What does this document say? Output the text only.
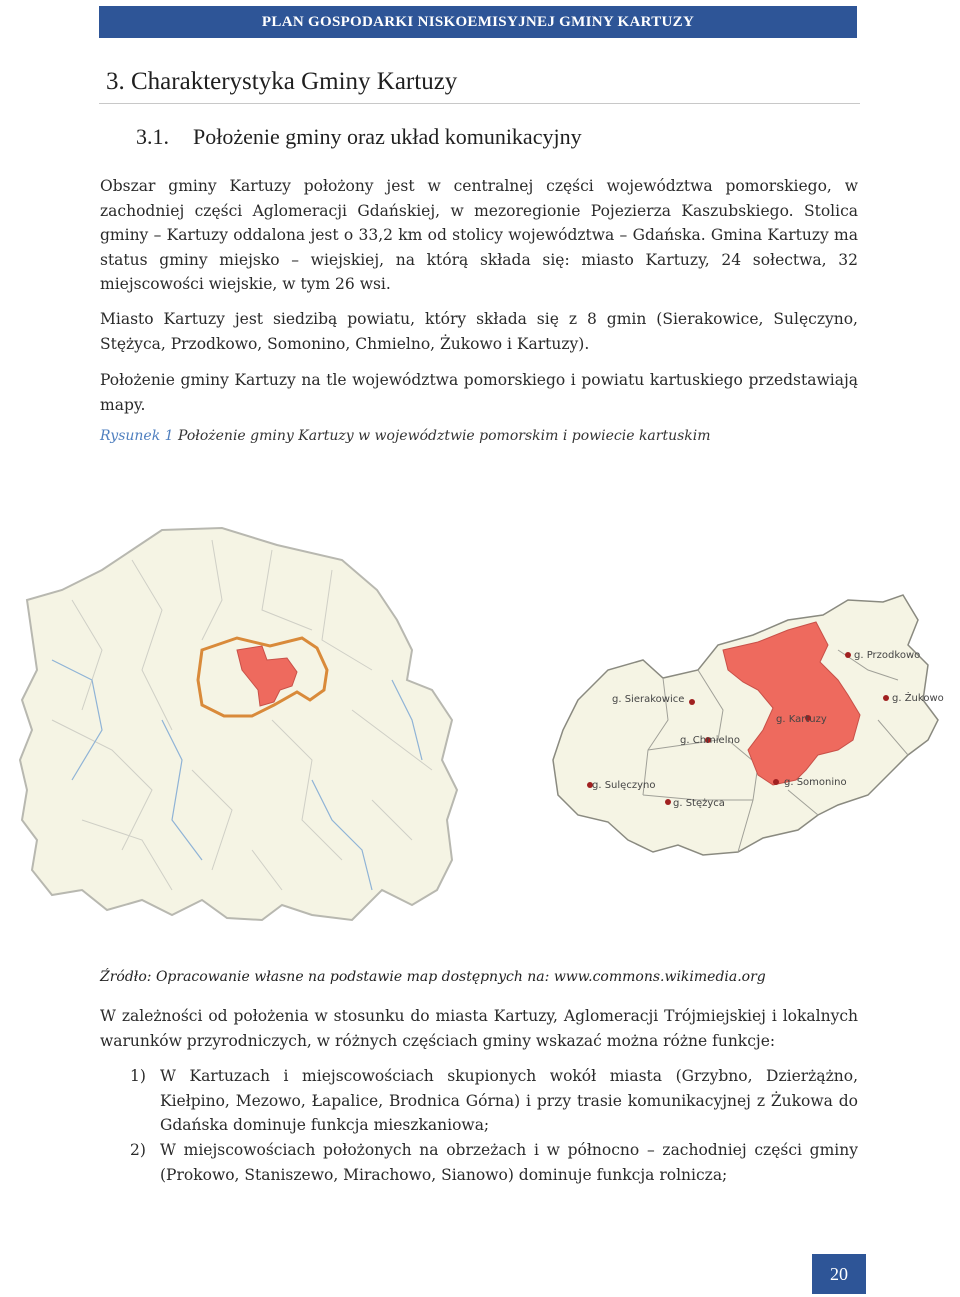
PLAN GOSPODARKI NISKOEMISYJNEJ GMINY KARTUZY
3. Charakterystyka Gminy Kartuzy
3.1. Położenie gminy oraz układ komunikacyjny

Obszar gminy Kartuzy położony jest w centralnej części województwa pomorskiego, w zachodniej części Aglomeracji Gdańskiej, w mezoregionie Pojezierza Kaszubskiego. Stolica gminy – Kartuzy oddalona jest o 33,2 km od stolicy województwa – Gdańska. Gmina Kartuzy ma status gminy miejsko – wiejskiej, na którą składa się: miasto Kartuzy, 24 sołectwa, 32 miejscowości wiejskie, w tym 26 wsi.

Miasto Kartuzy jest siedzibą powiatu, który składa się z 8 gmin (Sierakowice, Sulęczyno, Stężyca, Przodkowo, Somonino, Chmielno, Żukowo i Kartuzy).

Położenie gminy Kartuzy na tle województwa pomorskiego i powiatu kartuskiego przedstawiają mapy.

Rysunek 1 Położenie gminy Kartuzy w województwie pomorskim i powiecie kartuskim
g. Sierakowice
g. Przodkowo
g. Żukowo
g. Kartuzy
g. Chmielno
g. Sulęczyno	g. Somonino
g. Stężyca
Źródło: Opracowanie własne na podstawie map dostępnych na: www.commons.wikimedia.org

W zależności od położenia w stosunku do miasta Kartuzy, Aglomeracji Trójmiejskiej i lokalnych warunków przyrodniczych, w różnych częściach gminy wskazać można różne funkcje:

1) W Kartuzach i miejscowościach skupionych wokół miasta (Grzybno, Dzierżążno, Kiełpino, Mezowo, Łapalice, Brodnica Górna) i przy trasie komunikacyjnej z Żukowa do Gdańska dominuje funkcja mieszkaniowa;
2) W miejscowościach położonych na obrzeżach i w północno – zachodniej części gminy (Prokowo, Staniszewo, Mirachowo, Sianowo) dominuje funkcja rolnicza;
20
